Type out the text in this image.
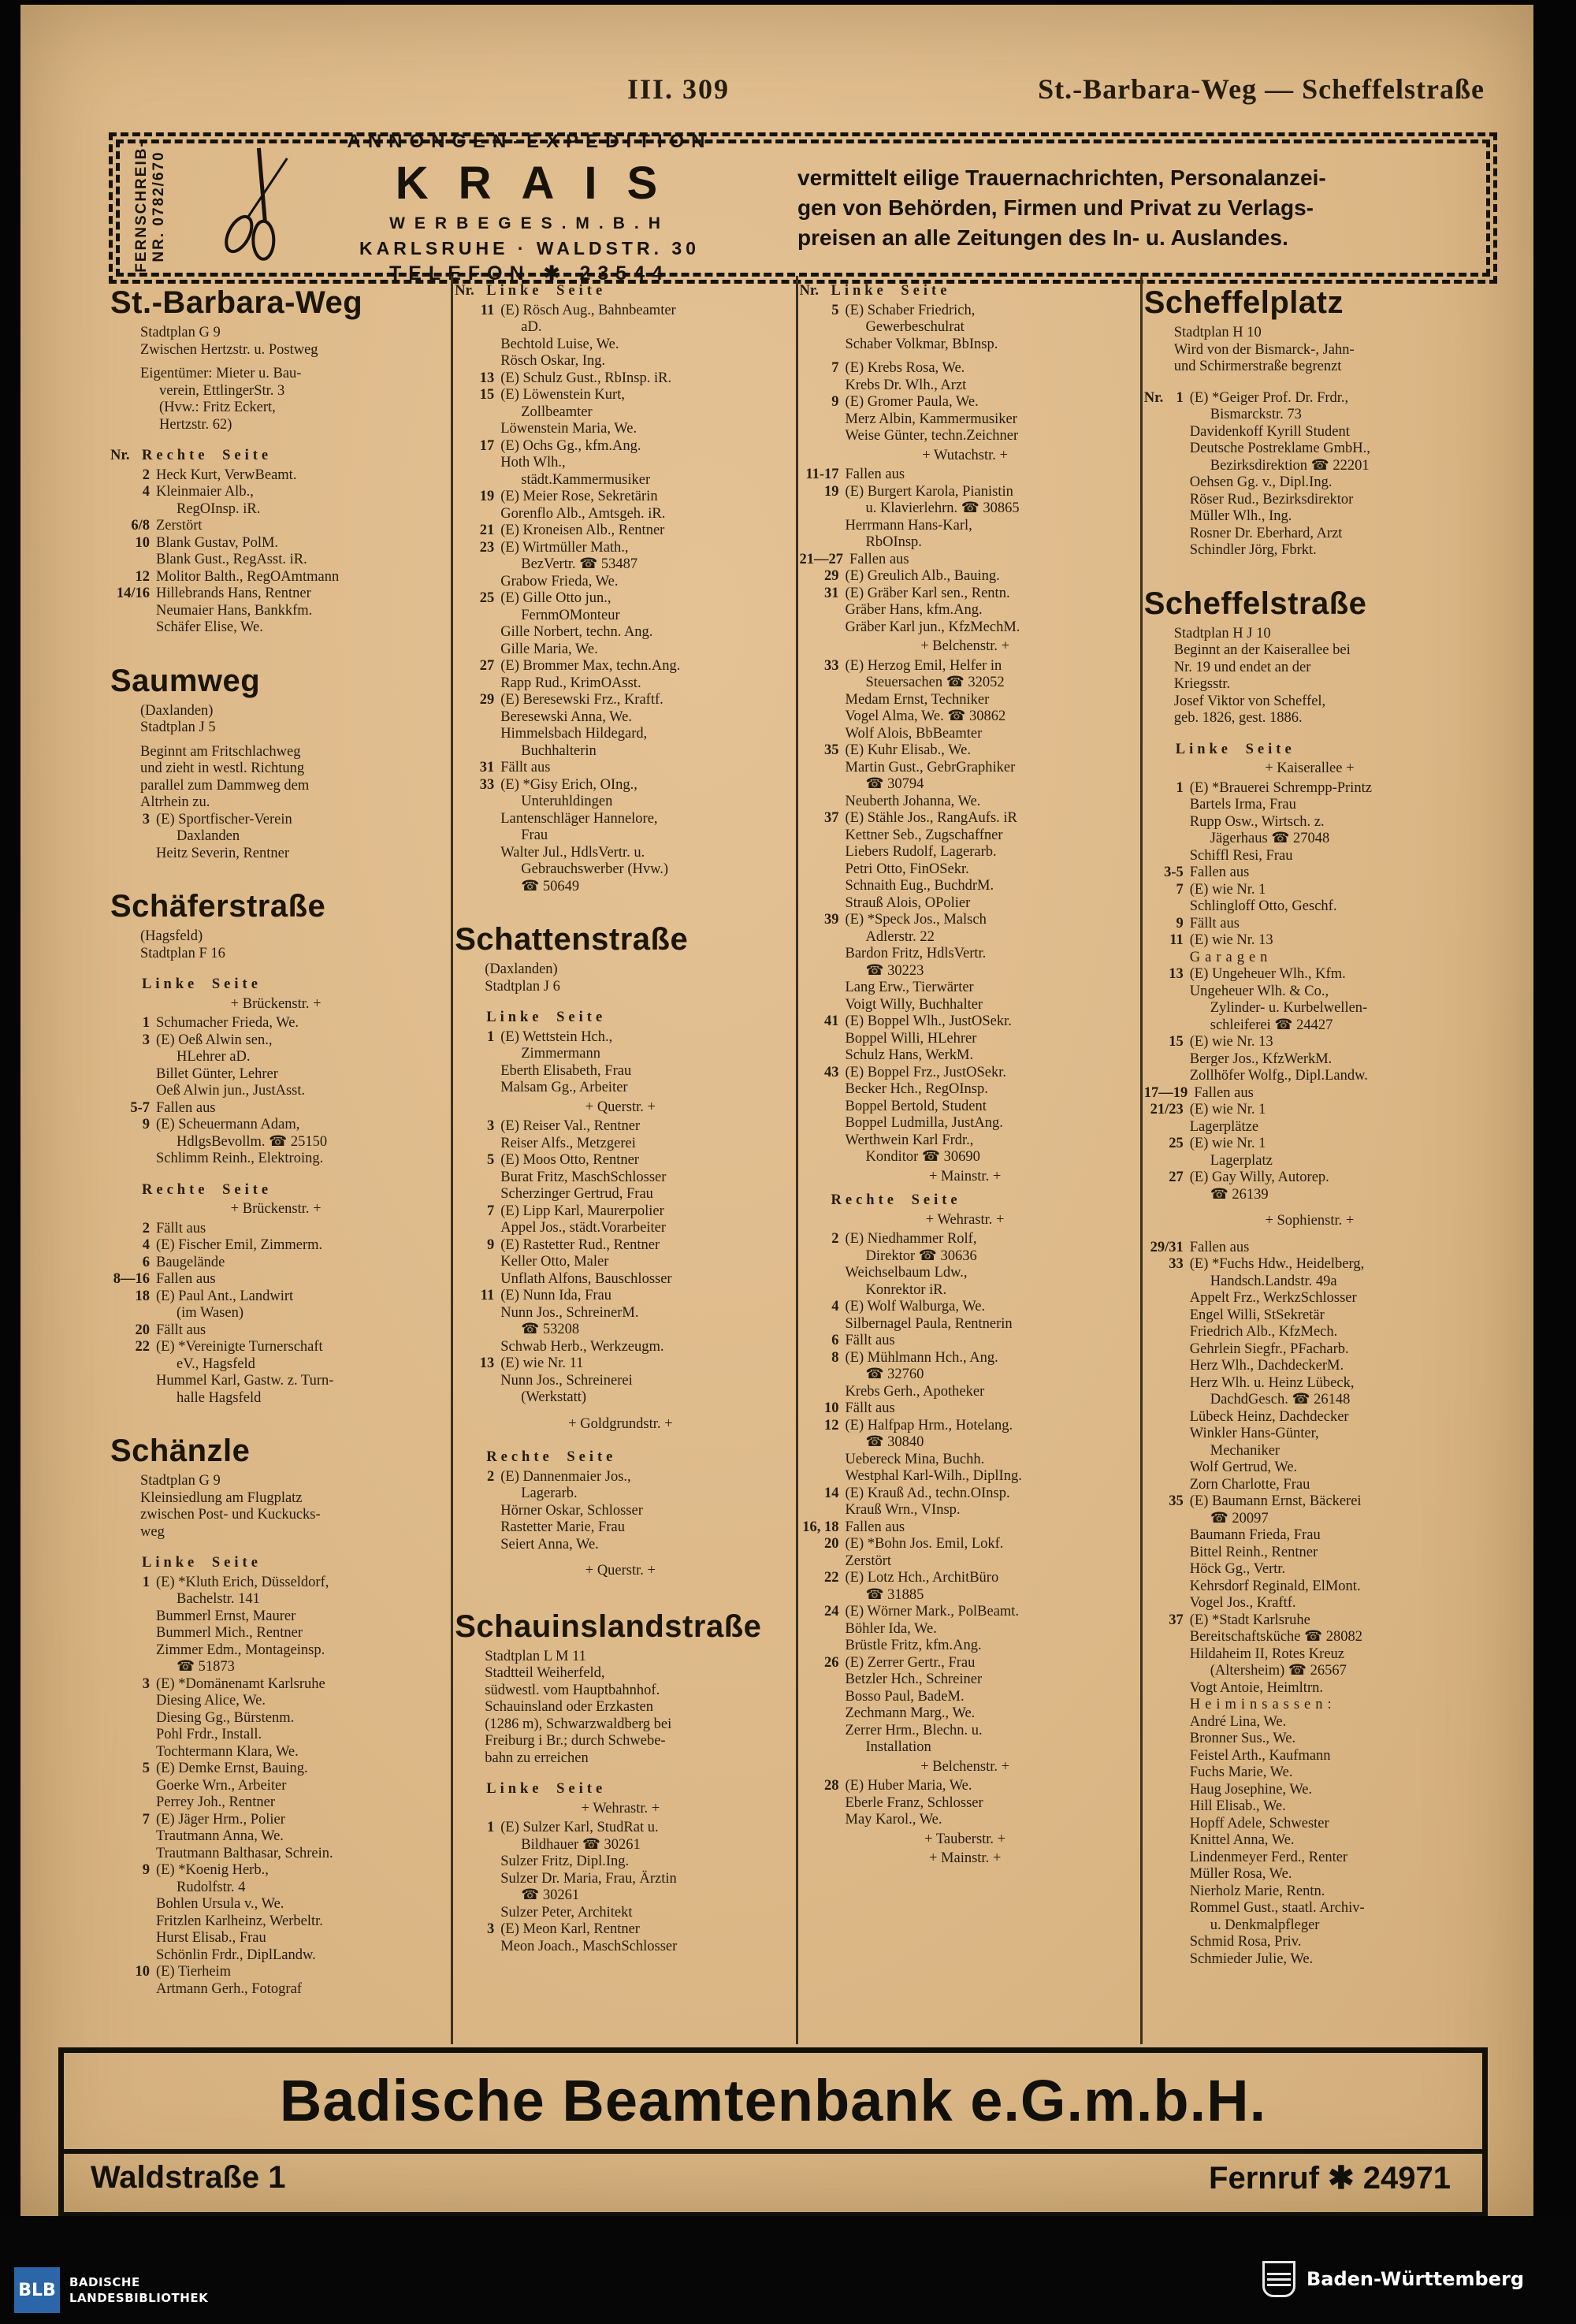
III. 309	St.-Barbara-Weg — Scheffelstraße
FERNSCHREIB- NR. 0782/670
ANNONCEN-EXPEDITION
KRAIS
WERBEGES.M.B.H
KARLSRUHE · WALDSTR. 30
TELEFON ✱ 23544
vermittelt eilige Trauernachrichten, Personalanzei-
gen von Behörden, Firmen und Privat zu Verlags-
preisen an alle Zeitungen des In- u. Auslandes.
St.-Barbara-Weg
Stadtplan G 9
Zwischen Hertzstr. u. Postweg
Eigentümer: Mieter u. Bau-
verein, EttlingerStr. 3
(Hvw.: Fritz Eckert,
Hertzstr. 62)
Nr. Rechte Seite
2 Heck Kurt, VerwBeamt.
4 Kleinmaier Alb.,
RegOInsp. iR.
6/8 Zerstört
10 Blank Gustav, PolM.
Blank Gust., RegAsst. iR.
12 Molitor Balth., RegOAmtmann
14/16 Hillebrands Hans, Rentner
Neumaier Hans, Bankkfm.
Schäfer Elise, We.
Saumweg
(Daxlanden)
Stadtplan J 5
Beginnt am Fritschlachweg
und zieht in westl. Richtung
parallel zum Dammweg dem
Altrhein zu.
3 (E) Sportfischer-Verein
Daxlanden
Heitz Severin, Rentner
Schäferstraße
(Hagsfeld)
Stadtplan F 16
Linke Seite
+ Brückenstr. +
1 Schumacher Frieda, We.
3 (E) Oeß Alwin sen.,
HLehrer aD.
Billet Günter, Lehrer
Oeß Alwin jun., JustAsst.
5-7 Fallen aus
9 (E) Scheuermann Adam,
HdlgsBevollm. ☎ 25150
Schlimm Reinh., Elektroing.
Rechte Seite
+ Brückenstr. +
2 Fällt aus
4 (E) Fischer Emil, Zimmerm.
6 Baugelände
8—16 Fallen aus
18 (E) Paul Ant., Landwirt
(im Wasen)
20 Fällt aus
22 (E) *Vereinigte Turnerschaft
eV., Hagsfeld
Hummel Karl, Gastw. z. Turn-
halle Hagsfeld
Schänzle
Stadtplan G 9
Kleinsiedlung am Flugplatz
zwischen Post- und Kuckucks-
weg
Linke Seite
1 (E) *Kluth Erich, Düsseldorf,
Bachelstr. 141
Bummerl Ernst, Maurer
Bummerl Mich., Rentner
Zimmer Edm., Montageinsp.
☎ 51873
3 (E) *Domänenamt Karlsruhe
Diesing Alice, We.
Diesing Gg., Bürstenm.
Pohl Frdr., Install.
Tochtermann Klara, We.
5 (E) Demke Ernst, Bauing.
Goerke Wrn., Arbeiter
Perrey Joh., Rentner
7 (E) Jäger Hrm., Polier
Trautmann Anna, We.
Trautmann Balthasar, Schrein.
9 (E) *Koenig Herb.,
Rudolfstr. 4
Bohlen Ursula v., We.
Fritzlen Karlheinz, Werbeltr.
Hurst Elisab., Frau
Schönlin Frdr., DiplLandw.
10 (E) Tierheim
Artmann Gerh., Fotograf
Nr. Linke Seite
11 (E) Rösch Aug., Bahnbeamter
aD.
Bechtold Luise, We.
Rösch Oskar, Ing.
13 (E) Schulz Gust., RbInsp. iR.
15 (E) Löwenstein Kurt,
Zollbeamter
Löwenstein Maria, We.
17 (E) Ochs Gg., kfm.Ang.
Hoth Wlh.,
städt.Kammermusiker
19 (E) Meier Rose, Sekretärin
Gorenflo Alb., Amtsgeh. iR.
21 (E) Kroneisen Alb., Rentner
23 (E) Wirtmüller Math.,
BezVertr. ☎ 53487
Grabow Frieda, We.
25 (E) Gille Otto jun.,
FernmOMonteur
Gille Norbert, techn. Ang.
Gille Maria, We.
27 (E) Brommer Max, techn.Ang.
Rapp Rud., KrimOAsst.
29 (E) Beresewski Frz., Kraftf.
Beresewski Anna, We.
Himmelsbach Hildegard,
Buchhalterin
31 Fällt aus
33 (E) *Gisy Erich, OIng.,
Unteruhldingen
Lantenschläger Hannelore,
Frau
Walter Jul., HdlsVertr. u.
Gebrauchswerber (Hvw.)
☎ 50649
Schattenstraße
(Daxlanden)
Stadtplan J 6
Linke Seite
1 (E) Wettstein Hch.,
Zimmermann
Eberth Elisabeth, Frau
Malsam Gg., Arbeiter
+ Querstr. +
3 (E) Reiser Val., Rentner
Reiser Alfs., Metzgerei
5 (E) Moos Otto, Rentner
Burat Fritz, MaschSchlosser
Scherzinger Gertrud, Frau
7 (E) Lipp Karl, Maurerpolier
Appel Jos., städt.Vorarbeiter
9 (E) Rastetter Rud., Rentner
Keller Otto, Maler
Unflath Alfons, Bauschlosser
11 (E) Nunn Ida, Frau
Nunn Jos., SchreinerM.
☎ 53208
Schwab Herb., Werkzeugm.
13 (E) wie Nr. 11
Nunn Jos., Schreinerei
(Werkstatt)
+ Goldgrundstr. +
Rechte Seite
2 (E) Dannenmaier Jos.,
Lagerarb.
Hörner Oskar, Schlosser
Rastetter Marie, Frau
Seiert Anna, We.
+ Querstr. +
Schauinslandstraße
Stadtplan L M 11
Stadtteil Weiherfeld,
südwestl. vom Hauptbahnhof.
Schauinsland oder Erzkasten
(1286 m), Schwarzwaldberg bei
Freiburg i Br.; durch Schwebe-
bahn zu erreichen
Linke Seite
+ Wehrastr. +
1 (E) Sulzer Karl, StudRat u.
Bildhauer ☎ 30261
Sulzer Fritz, Dipl.Ing.
Sulzer Dr. Maria, Frau, Ärztin
☎ 30261
Sulzer Peter, Architekt
3 (E) Meon Karl, Rentner
Meon Joach., MaschSchlosser
Nr. Linke Seite
5 (E) Schaber Friedrich,
Gewerbeschulrat
Schaber Volkmar, BbInsp.
7 (E) Krebs Rosa, We.
Krebs Dr. Wlh., Arzt
9 (E) Gromer Paula, We.
Merz Albin, Kammermusiker
Weise Günter, techn.Zeichner
+ Wutachstr. +
11-17 Fallen aus
19 (E) Burgert Karola, Pianistin
u. Klavierlehrn. ☎ 30865
Herrmann Hans-Karl,
RbOInsp.
21—27 Fallen aus
29 (E) Greulich Alb., Bauing.
31 (E) Gräber Karl sen., Rentn.
Gräber Hans, kfm.Ang.
Gräber Karl jun., KfzMechM.
+ Belchenstr. +
33 (E) Herzog Emil, Helfer in
Steuersachen ☎ 32052
Medam Ernst, Techniker
Vogel Alma, We. ☎ 30862
Wolf Alois, BbBeamter
35 (E) Kuhr Elisab., We.
Martin Gust., GebrGraphiker
☎ 30794
Neuberth Johanna, We.
37 (E) Stähle Jos., RangAufs. iR
Kettner Seb., Zugschaffner
Liebers Rudolf, Lagerarb.
Petri Otto, FinOSekr.
Schnaith Eug., BuchdrM.
Strauß Alois, OPolier
39 (E) *Speck Jos., Malsch
Adlerstr. 22
Bardon Fritz, HdlsVertr.
☎ 30223
Lang Erw., Tierwärter
Voigt Willy, Buchhalter
41 (E) Boppel Wlh., JustOSekr.
Boppel Willi, HLehrer
Schulz Hans, WerkM.
43 (E) Boppel Frz., JustOSekr.
Becker Hch., RegOInsp.
Boppel Bertold, Student
Boppel Ludmilla, JustAng.
Werthwein Karl Frdr.,
Konditor ☎ 30690
+ Mainstr. +
Rechte Seite
+ Wehrastr. +
2 (E) Niedhammer Rolf,
Direktor ☎ 30636
Weichselbaum Ldw.,
Konrektor iR.
4 (E) Wolf Walburga, We.
Silbernagel Paula, Rentnerin
6 Fällt aus
8 (E) Mühlmann Hch., Ang.
☎ 32760
Krebs Gerh., Apotheker
10 Fällt aus
12 (E) Halfpap Hrm., Hotelang.
☎ 30840
Uebereck Mina, Buchh.
Westphal Karl-Wilh., DiplIng.
14 (E) Krauß Ad., techn.OInsp.
Krauß Wrn., VInsp.
16, 18 Fallen aus
20 (E) *Bohn Jos. Emil, Lokf.
Zerstört
22 (E) Lotz Hch., ArchitBüro
☎ 31885
24 (E) Wörner Mark., PolBeamt.
Böhler Ida, We.
Brüstle Fritz, kfm.Ang.
26 (E) Zerrer Gertr., Frau
Betzler Hch., Schreiner
Bosso Paul, BadeM.
Zechmann Marg., We.
Zerrer Hrm., Blechn. u.
Installation
+ Belchenstr. +
28 (E) Huber Maria, We.
Eberle Franz, Schlosser
May Karol., We.
+ Tauberstr. +
+ Mainstr. +
Scheffelplatz
Stadtplan H 10
Wird von der Bismarck-, Jahn-
und Schirmerstraße begrenzt
Nr. 1 (E) *Geiger Prof. Dr. Frdr.,
Bismarckstr. 73
Davidenkoff Kyrill Student
Deutsche Postreklame GmbH.,
Bezirksdirektion ☎ 22201
Oehsen Gg. v., Dipl.Ing.
Röser Rud., Bezirksdirektor
Müller Wlh., Ing.
Rosner Dr. Eberhard, Arzt
Schindler Jörg, Fbrkt.
Scheffelstraße
Stadtplan H J 10
Beginnt an der Kaiserallee bei
Nr. 19 und endet an der
Kriegsstr.
Josef Viktor von Scheffel,
geb. 1826, gest. 1886.
Linke Seite
+ Kaiserallee +
1 (E) *Brauerei Schrempp-Printz
Bartels Irma, Frau
Rupp Osw., Wirtsch. z.
Jägerhaus ☎ 27048
Schiffl Resi, Frau
3-5 Fallen aus
7 (E) wie Nr. 1
Schlingloff Otto, Geschf.
9 Fällt aus
11 (E) wie Nr. 13
Garagen
13 (E) Ungeheuer Wlh., Kfm.
Ungeheuer Wlh. & Co.,
Zylinder- u. Kurbelwellen-
schleiferei ☎ 24427
15 (E) wie Nr. 13
Berger Jos., KfzWerkM.
Zollhöfer Wolfg., Dipl.Landw.
17—19 Fallen aus
21/23 (E) wie Nr. 1
Lagerplätze
25 (E) wie Nr. 1
Lagerplatz
27 (E) Gay Willy, Autorep.
☎ 26139
+ Sophienstr. +
29/31 Fallen aus
33 (E) *Fuchs Hdw., Heidelberg,
Handsch.Landstr. 49a
Appelt Frz., WerkzSchlosser
Engel Willi, StSekretär
Friedrich Alb., KfzMech.
Gehrlein Siegfr., PFacharb.
Herz Wlh., DachdeckerM.
Herz Wlh. u. Heinz Lübeck,
DachdGesch. ☎ 26148
Lübeck Heinz, Dachdecker
Winkler Hans-Günter,
Mechaniker
Wolf Gertrud, We.
Zorn Charlotte, Frau
35 (E) Baumann Ernst, Bäckerei
☎ 20097
Baumann Frieda, Frau
Bittel Reinh., Rentner
Höck Gg., Vertr.
Kehrsdorf Reginald, ElMont.
Vogel Jos., Kraftf.
37 (E) *Stadt Karlsruhe
Bereitschaftsküche ☎ 28082
Hildaheim II, Rotes Kreuz
(Altersheim) ☎ 26567
Vogt Antoie, Heimltrn.
Heiminsassen:
André Lina, We.
Bronner Sus., We.
Feistel Arth., Kaufmann
Fuchs Marie, We.
Haug Josephine, We.
Hill Elisab., We.
Hopff Adele, Schwester
Knittel Anna, We.
Lindenmeyer Ferd., Renter
Müller Rosa, We.
Nierholz Marie, Rentn.
Rommel Gust., staatl. Archiv-
u. Denkmalpfleger
Schmid Rosa, Priv.
Schmieder Julie, We.
Badische Beamtenbank e.G.m.b.H.
Waldstraße 1	Fernruf ✱ 24971
BLB	BADISCHE
LANDESBIBLIOTHEK
Baden-Württemberg
